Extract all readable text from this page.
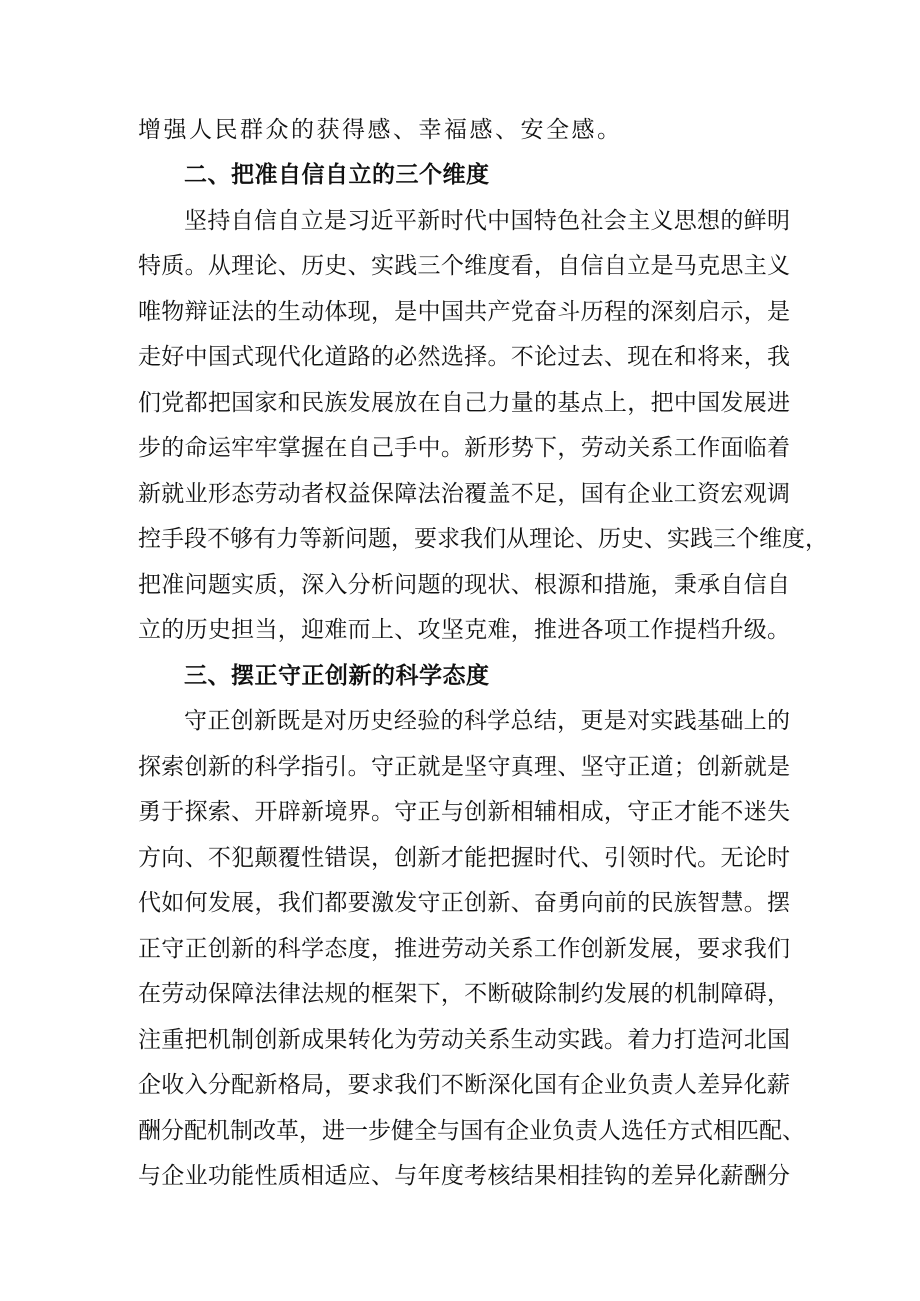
增强人民群众的获得感、幸福感、安全感。
二、把准自信自立的三个维度
坚持自信自立是习近平新时代中国特色社会主义思想的鲜明
特质。从理论、历史、实践三个维度看，自信自立是马克思主义
唯物辩证法的生动体现，是中国共产党奋斗历程的深刻启示，是
走好中国式现代化道路的必然选择。不论过去、现在和将来，我
们党都把国家和民族发展放在自己力量的基点上，把中国发展进
步的命运牢牢掌握在自己手中。新形势下，劳动关系工作面临着
新就业形态劳动者权益保障法治覆盖不足，国有企业工资宏观调
控手段不够有力等新问题，要求我们从理论、历史、实践三个维度，
把准问题实质，深入分析问题的现状、根源和措施，秉承自信自
立的历史担当，迎难而上、攻坚克难，推进各项工作提档升级。
三、摆正守正创新的科学态度
守正创新既是对历史经验的科学总结，更是对实践基础上的
探索创新的科学指引。守正就是坚守真理、坚守正道；创新就是
勇于探索、开辟新境界。守正与创新相辅相成，守正才能不迷失
方向、不犯颠覆性错误，创新才能把握时代、引领时代。无论时
代如何发展，我们都要激发守正创新、奋勇向前的民族智慧。摆
正守正创新的科学态度，推进劳动关系工作创新发展，要求我们
在劳动保障法律法规的框架下，不断破除制约发展的机制障碍，
注重把机制创新成果转化为劳动关系生动实践。着力打造河北国
企收入分配新格局，要求我们不断深化国有企业负责人差异化薪
酬分配机制改革，进一步健全与国有企业负责人选任方式相匹配、
与企业功能性质相适应、与年度考核结果相挂钩的差异化薪酬分
